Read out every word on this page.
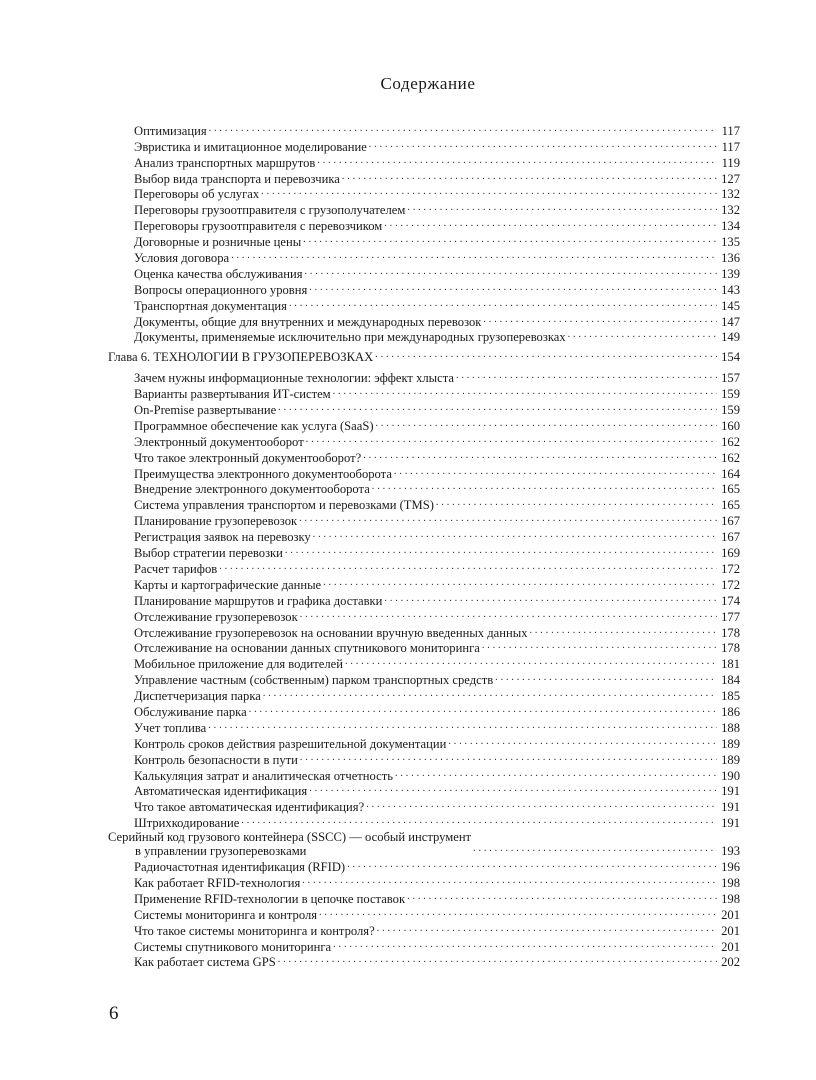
Содержание
Оптимизация . . .	117
Эвристика и имитационное моделирование . . .	117
Анализ транспортных маршрутов . . .	119
Выбор вида транспорта и перевозчика . . .	127
Переговоры об услугах . . .	132
Переговоры грузоотправителя с грузополучателем . . .	132
Переговоры грузоотправителя с перевозчиком . . .	134
Договорные и розничные цены . . .	135
Условия договора . . .	136
Оценка качества обслуживания . . .	139
Вопросы операционного уровня . . .	143
Транспортная документация . . .	145
Документы, общие для внутренних и международных перевозок . . .	147
Документы, применяемые исключительно при международных грузоперевозках . . .	149
Глава 6. ТЕХНОЛОГИИ В ГРУЗОПЕРЕВОЗКАХ . . .	154
Зачем нужны информационные технологии: эффект хлыста . . .	157
Варианты развертывания ИТ-систем . . .	159
On-Premise развертывание . . .	159
Программное обеспечение как услуга (SaaS) . . .	160
Электронный документооборот . . .	162
Что такое электронный документооборот? . . .	162
Преимущества электронного документооборота . . .	164
Внедрение электронного документооборота . . .	165
Система управления транспортом и перевозками (TMS) . . .	165
Планирование грузоперевозок . . .	167
Регистрация заявок на перевозку . . .	167
Выбор стратегии перевозки . . .	169
Расчет тарифов . . .	172
Карты и картографические данные . . .	172
Планирование маршрутов и графика доставки . . .	174
Отслеживание грузоперевозок . . .	177
Отслеживание грузоперевозок на основании вручную введенных данных . . .	178
Отслеживание на основании данных спутникового мониторинга . . .	178
Мобильное приложение для водителей . . .	181
Управление частным (собственным) парком транспортных средств . . .	184
Диспетчеризация парка . . .	185
Обслуживание парка . . .	186
Учет топлива . . .	188
Контроль сроков действия разрешительной документации . . .	189
Контроль безопасности в пути . . .	189
Калькуляция затрат и аналитическая отчетность . . .	190
Автоматическая идентификация . . .	191
Что такое автоматическая идентификация? . . .	191
Штрихкодирование . . .	191
Серийный код грузового контейнера (SSCC) — особый инструмент
в управлении грузоперевозками . . .	193
Радиочастотная идентификация (RFID) . . .	196
Как работает RFID-технология . . .	198
Применение RFID-технологии в цепочке поставок . . .	198
Системы мониторинга и контроля . . .	201
Что такое системы мониторинга и контроля? . . .	201
Системы спутникового мониторинга . . .	201
Как работает система GPS . . .	202
6
